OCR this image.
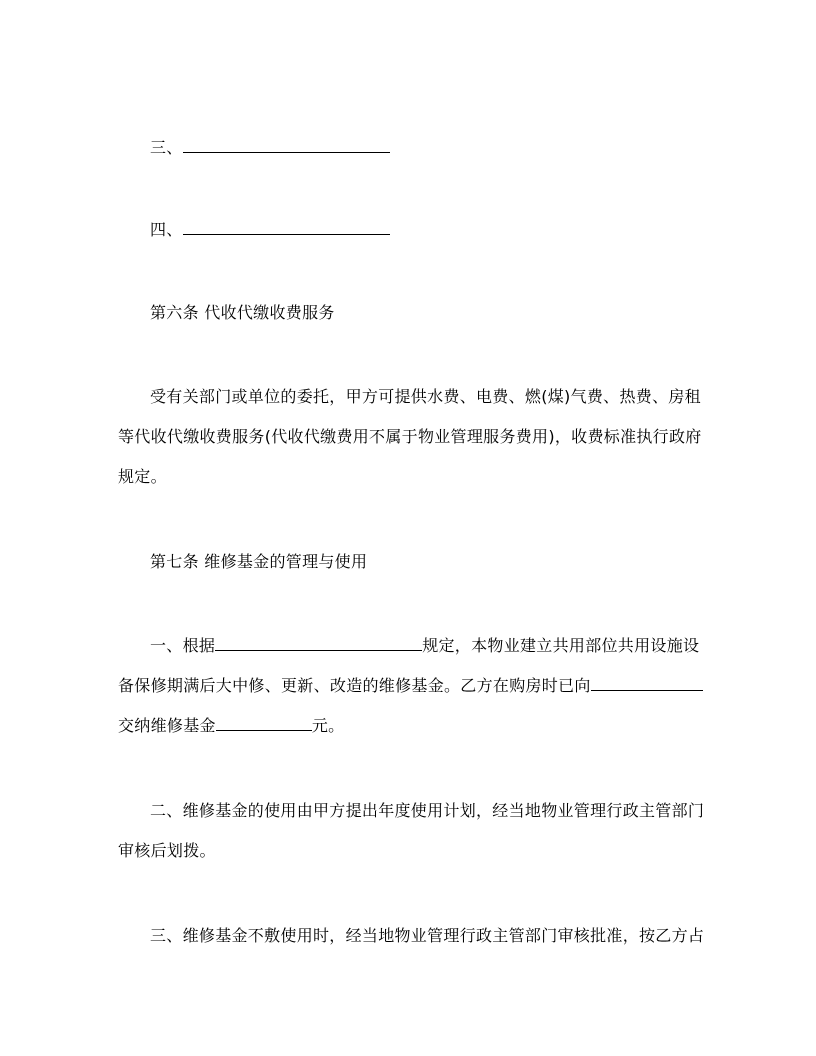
三、

四、

第六条 代收代缴收费服务

受有关部门或单位的委托，甲方可提供水费、电费、燃(煤)气费、热费、房租

等代收代缴收费服务(代收代缴费用不属于物业管理服务费用)，收费标准执行政府

规定。

第七条 维修基金的管理与使用

一、根据	规定，本物业建立共用部位共用设施设

备保修期满后大中修、更新、改造的维修基金。乙方在购房时已向

交纳维修基金	元。

二、维修基金的使用由甲方提出年度使用计划，经当地物业管理行政主管部门

审核后划拨。

三、维修基金不敷使用时，经当地物业管理行政主管部门审核批准，按乙方占
